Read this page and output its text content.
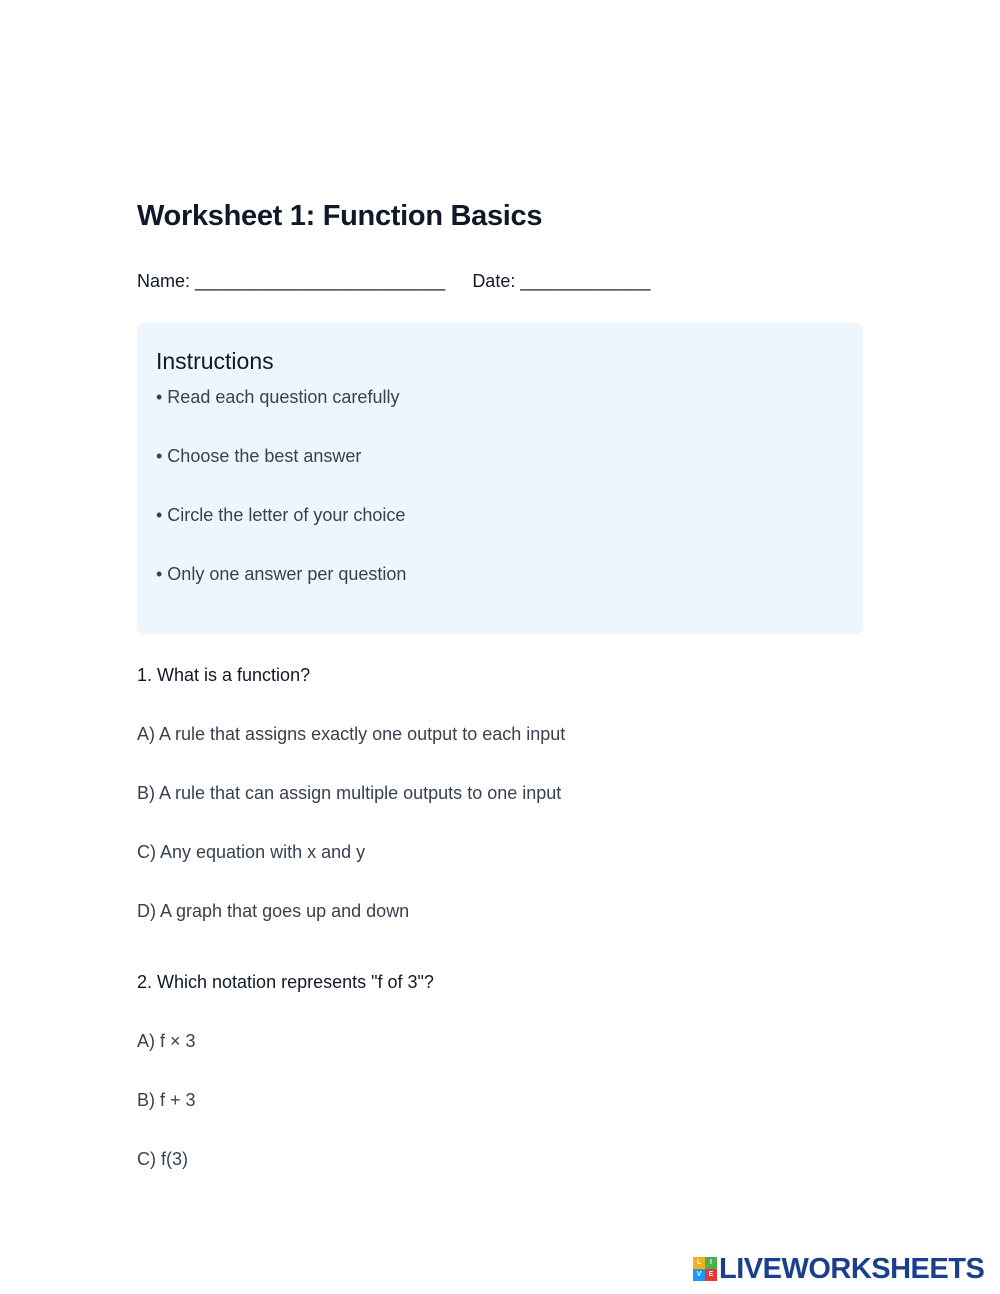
Worksheet 1: Function Basics
Name: _________________________ Date: _____________
Instructions
• Read each question carefully
• Choose the best answer
• Circle the letter of your choice
• Only one answer per question
1. What is a function?
A) A rule that assigns exactly one output to each input
B) A rule that can assign multiple outputs to one input
C) Any equation with x and y
D) A graph that goes up and down
2. Which notation represents "f of 3"?
A) f × 3
B) f + 3
C) f(3)
L	I
V	E LIVEWORKSHEETS
